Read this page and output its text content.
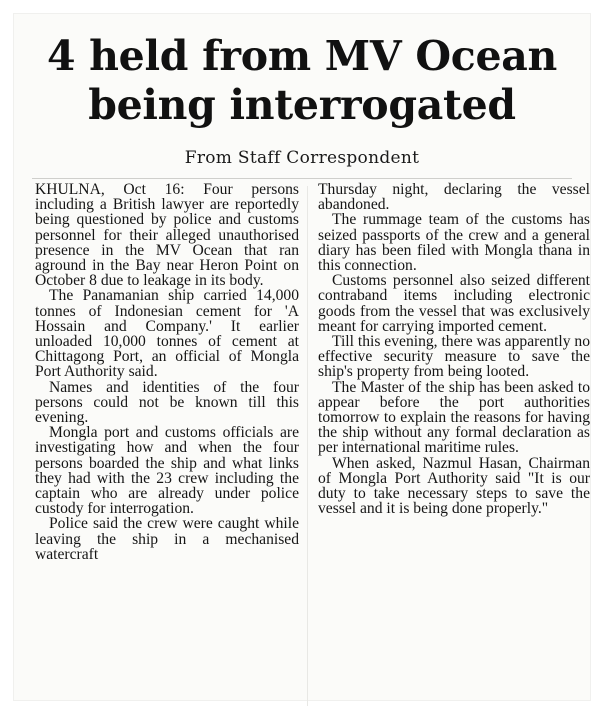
4 held from MV Ocean
being interrogated
From Staff Correspondent

KHULNA, Oct 16: Four persons including a British lawyer are reportedly being questioned by police and customs personnel for their alleged unauthorised presence in the MV Ocean that ran aground in the Bay near Heron Point on October 8 due to leakage in its body.

The Panamanian ship carried 14,000 tonnes of Indonesian cement for 'A Hossain and Company.' It earlier unloaded 10,000 tonnes of cement at Chittagong Port, an official of Mongla Port Authority said.

Names and identities of the four persons could not be known till this evening.

Mongla port and customs officials are investigating how and when the four persons boarded the ship and what links they had with the 23 crew including the captain who are already under police custody for interrogation.

Police said the crew were caught while leaving the ship in a mechanised watercraft

Thursday night, declaring the vessel abandoned.

The rummage team of the customs has seized passports of the crew and a general diary has been filed with Mongla thana in this connection.

Customs personnel also seized different contraband items including electronic goods from the vessel that was exclusively meant for carrying imported cement.

Till this evening, there was apparently no effective security measure to save the ship's property from being looted.

The Master of the ship has been asked to appear before the port authorities tomorrow to explain the reasons for having the ship without any formal declaration as per international maritime rules.

When asked, Nazmul Hasan, Chairman of Mongla Port Authority said "It is our duty to take necessary steps to save the vessel and it is being done properly."
